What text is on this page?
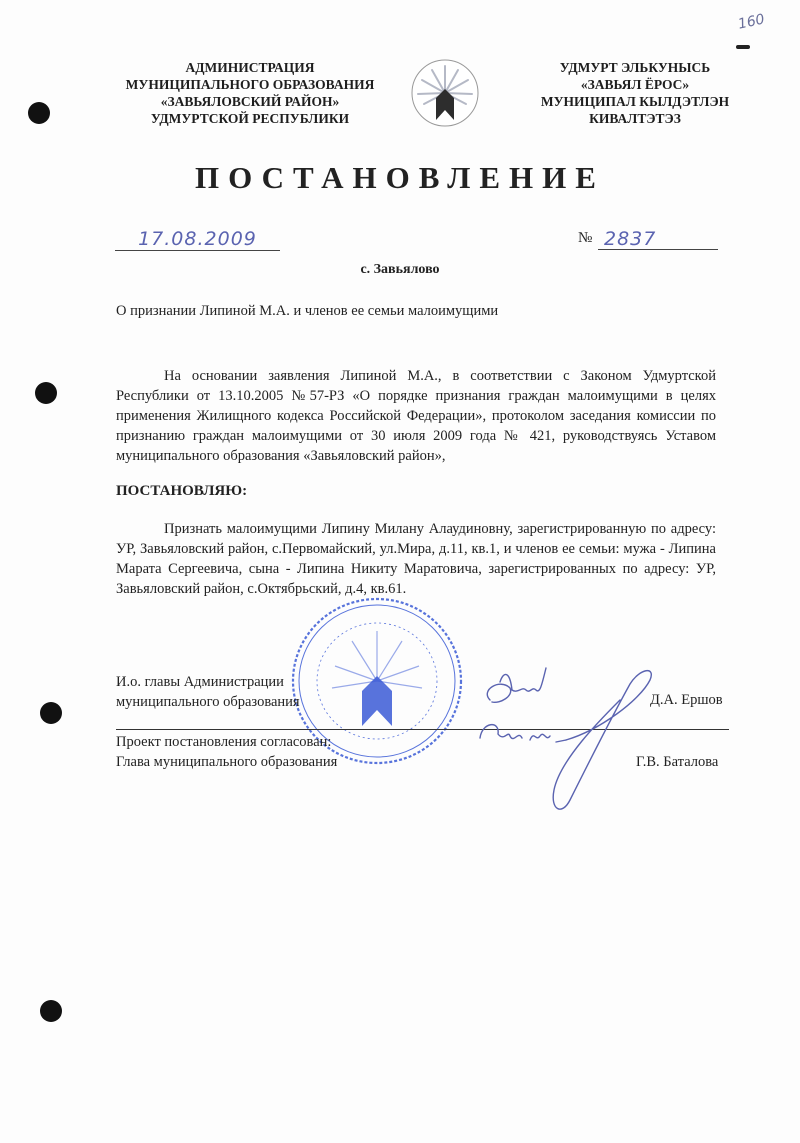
160
АДМИНИСТРАЦИЯ
МУНИЦИПАЛЬНОГО ОБРАЗОВАНИЯ
«ЗАВЬЯЛОВСКИЙ РАЙОН»
УДМУРТСКОЙ РЕСПУБЛИКИ
УДМУРТ ЭЛЬКУНЫСЬ
«ЗАВЬЯЛ ЁРОС»
МУНИЦИПАЛ КЫЛДЭТЛЭН
КИВАЛТЭТЭЗ
ПОСТАНОВЛЕНИЕ
17.08.2009	№ 2837
с. Завьялово
О признании Липиной М.А. и членов ее семьи малоимущими
На основании заявления Липиной М.А., в соответствии с Законом Удмуртской Республики от 13.10.2005 №57-РЗ «О порядке признания граждан малоимущими в целях применения Жилищного кодекса Российской Федерации», протоколом заседания комиссии по признанию граждан малоимущими от 30 июля 2009 года № 421, руководствуясь Уставом муниципального образования «Завьяловский район»,
ПОСТАНОВЛЯЮ:
Признать малоимущими Липину Милану Алаудиновну, зарегистрированную по адресу: УР, Завьяловский район, с.Первомайский, ул.Мира, д.11, кв.1, и членов ее семьи: мужа - Липина Марата Сергеевича, сына - Липина Никиту Маратовича, зарегистрированных по адресу: УР, Завьяловский район, с.Октябрьский, д.4, кв.61.
И.о. главы Администрации
муниципального образования	Д.А. Ершов
Проект постановления согласован:
Глава муниципального образования	Г.В. Баталова
